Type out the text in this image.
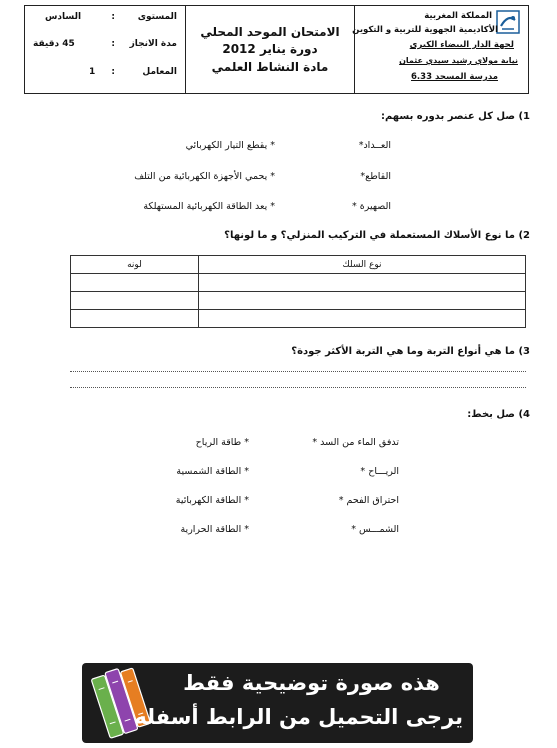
المملكة المغربية
الأكاديمية الجهوية للتربية و التكوين
لجهة الدار البيضاء الكبرى
نيابة مولاي رشيد سيدي عثمان
مدرسة المسجد 6.33
الامتحان الموحد المحلي
دورة يناير 2012
مادة النشاط العلمي
المستوى
:
السادس
مدة الانجاز
:
45 دقيقة
المعامل
:
1
1) صل كل عنصر بدوره بسهم:
العــداد*
القاطع*
الصهيرة *
* يقطع التيار الكهربائي
* يحمي الأجهزة الكهربائية من التلف
* يعد الطاقة الكهربائية المستهلكة
2) ما نوع الأسلاك المستعملة في التركيب المنزلي؟ و ما لونها؟
نوع السلك	لونه

3) ما هي أنواع التربة وما هي التربة الأكثر جودة؟
4) صل بخط:
تدفق الماء من السد *
الريـــاح *
احتراق الفحم *
الشمـــس *
* طاقة الرياح
* الطاقة الشمسية
* الطاقة الكهربائية
* الطاقة الحرارية
هذه صورة توضيحية فقط
يرجى التحميل من الرابط أسفله
